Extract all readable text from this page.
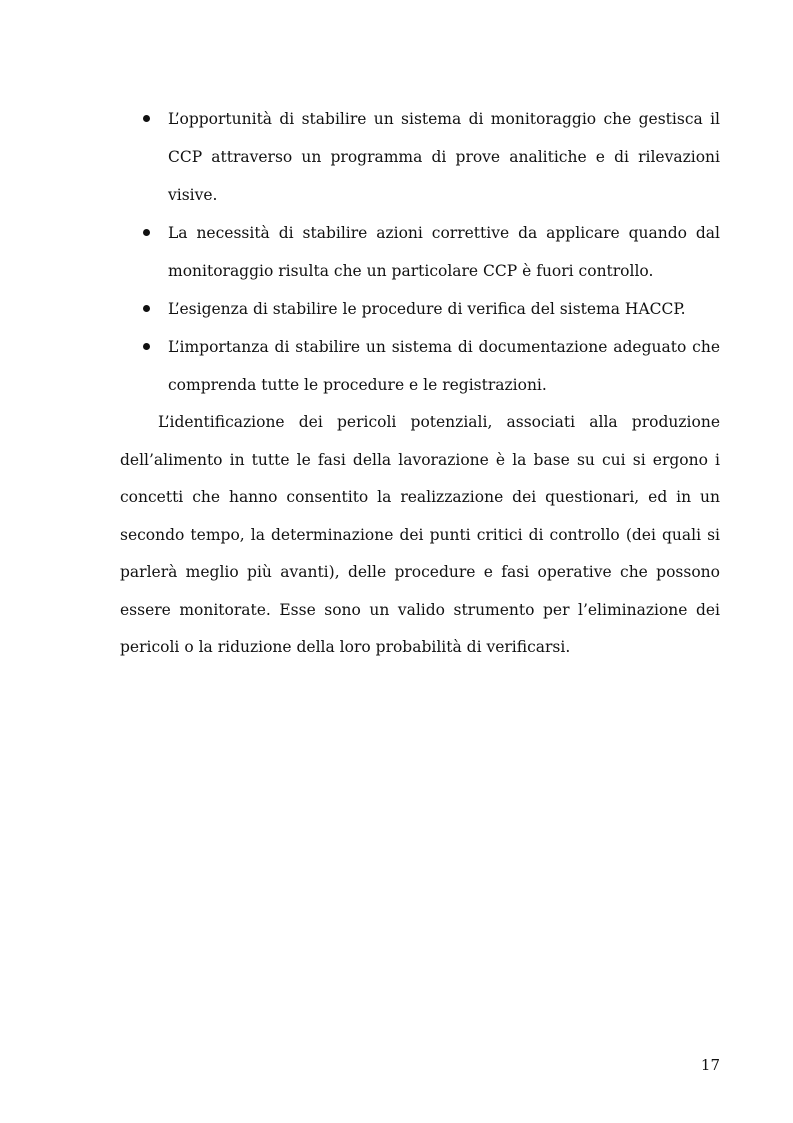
L’opportunità di stabilire un sistema di monitoraggio che gestisca il CCP attraverso un programma di prove analitiche e di rilevazioni visive.
La necessità di stabilire azioni correttive da applicare quando dal monitoraggio risulta che un particolare CCP è fuori controllo.
L’esigenza di stabilire le procedure di verifica del sistema HACCP.
L’importanza di stabilire un sistema di documentazione adeguato che comprenda tutte le procedure e le registrazioni.

L’identificazione dei pericoli potenziali, associati alla produzione dell’alimento in tutte le fasi della lavorazione è la base su cui si ergono i concetti che hanno consentito la realizzazione dei questionari, ed in un secondo tempo, la determinazione dei punti critici di controllo (dei quali si parlerà meglio più avanti), delle procedure e fasi operative che possono essere monitorate. Esse sono un valido strumento per l’eliminazione dei pericoli o la riduzione della loro probabilità di verificarsi.

17
